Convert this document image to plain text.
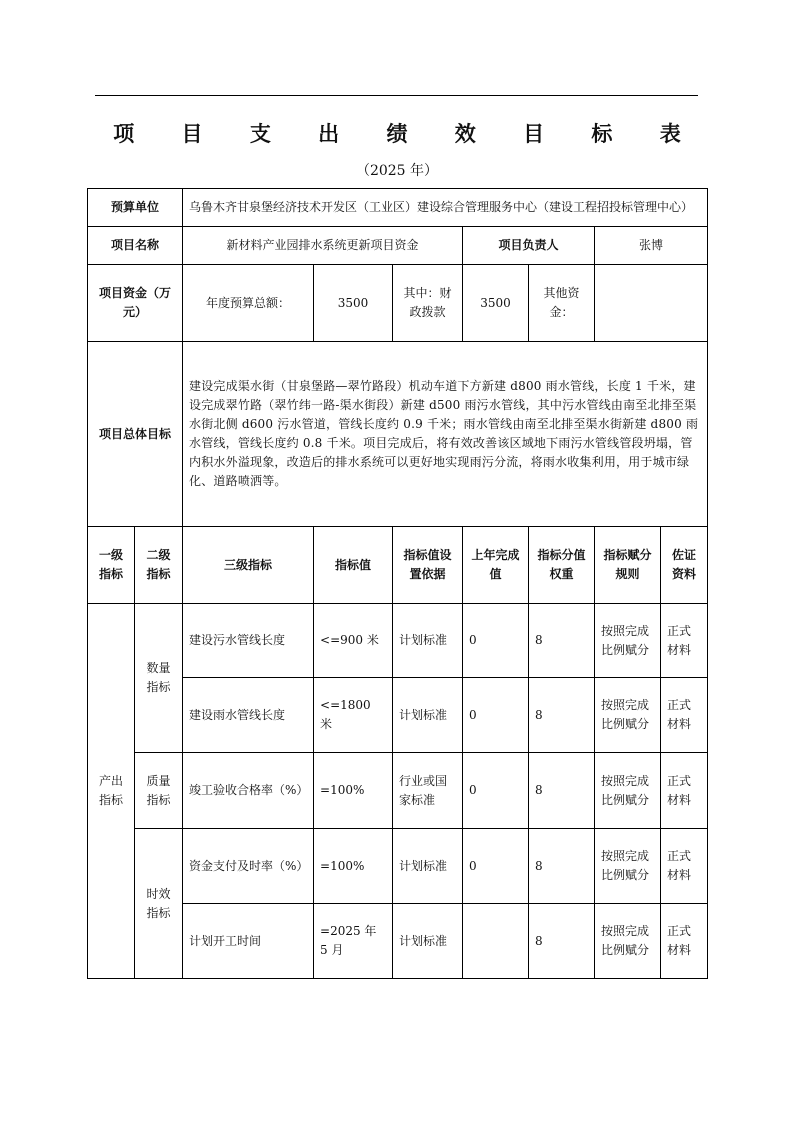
项 目 支 出 绩 效 目 标 表
（2025 年）
预算单位		乌鲁木齐甘泉堡经济技术开发区（工业区）建设综合管理服务中心（建设工程招投标管理中心）						
项目名称		新材料产业园排水系统更新项目资金			项目负责人		张博	
项目资金（万元）		年度预算总额：	3500	其中：财政拨款	3500	其他资金：		
项目总体目标		建设完成渠水街（甘泉堡路—翠竹路段）机动车道下方新建 d800 雨水管线，长度 1 千米，建设完成翠竹路（翠竹纬一路-渠水街段）新建 d500 雨污水管线，其中污水管线由南至北排至渠水街北侧 d600 污水管道，管线长度约 0.9 千米；雨水管线由南至北排至渠水街新建 d800 雨水管线，管线长度约 0.8 千米。项目完成后，将有效改善该区域地下雨污水管线管段坍塌，管内积水外溢现象，改造后的排水系统可以更好地实现雨污分流，将雨水收集利用，用于城市绿化、道路喷洒等。						
一级指标	二级指标	三级指标	指标值	指标值设置依据	上年完成值	指标分值权重	指标赋分规则	佐证资料
产出指标	数量指标	建设污水管线长度	<=900 米	计划标准	0	8	按照完成比例赋分	正式材料
		建设雨水管线长度	<=1800 米	计划标准	0	8	按照完成比例赋分	正式材料
	质量指标	竣工验收合格率（%）	=100%	行业或国家标准	0	8	按照完成比例赋分	正式材料
	时效指标	资金支付及时率（%）	=100%	计划标准	0	8	按照完成比例赋分	正式材料
		计划开工时间	=2025 年 5 月	计划标准		8	按照完成比例赋分	正式材料
